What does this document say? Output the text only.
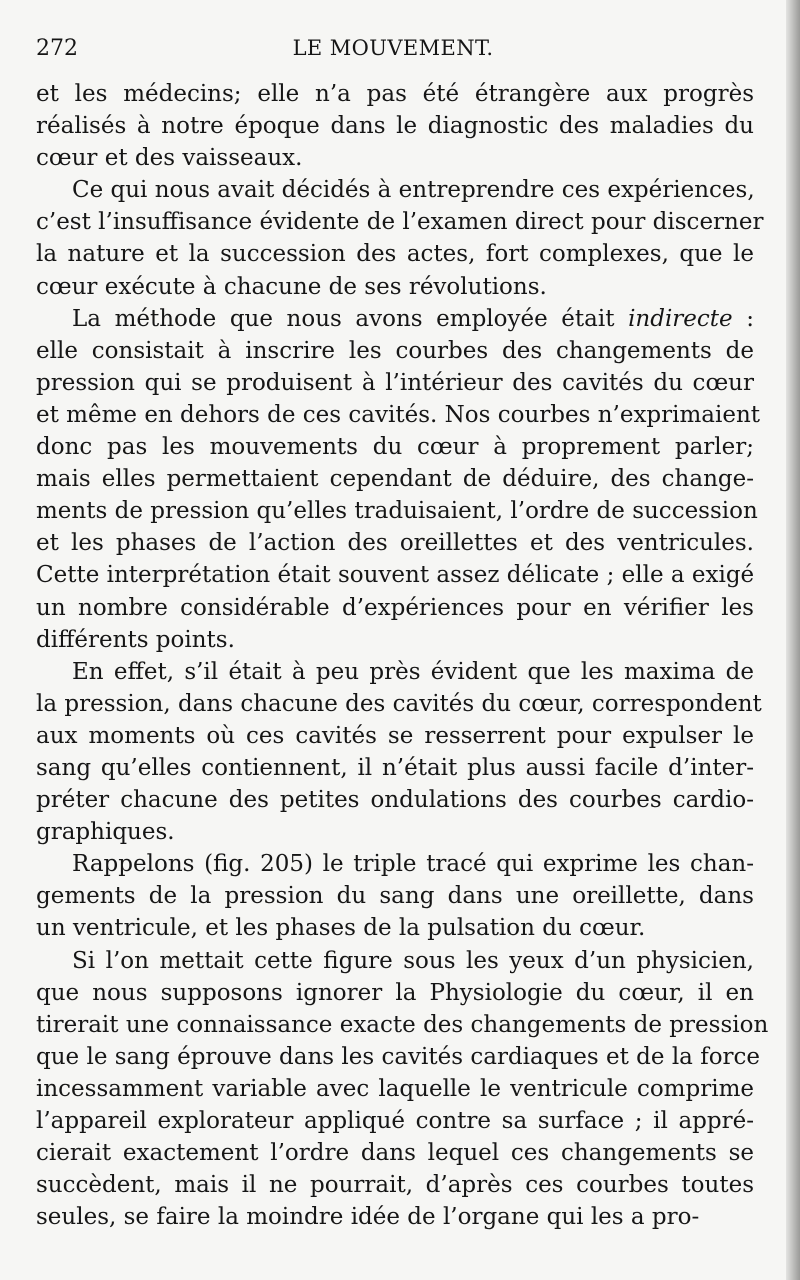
272	LE MOUVEMENT.
et les médecins; elle n’a pas été étrangère aux progrès
réalisés à notre époque dans le diagnostic des maladies du
cœur et des vaisseaux.
Ce qui nous avait décidés à entreprendre ces expériences,
c’est l’insuffisance évidente de l’examen direct pour discerner
la nature et la succession des actes, fort complexes, que le
cœur exécute à chacune de ses révolutions.
La méthode que nous avons employée était indirecte :
elle consistait à inscrire les courbes des changements de
pression qui se produisent à l’intérieur des cavités du cœur
et même en dehors de ces cavités. Nos courbes n’exprimaient
donc pas les mouvements du cœur à proprement parler;
mais elles permettaient cependant de déduire, des change-
ments de pression qu’elles traduisaient, l’ordre de succession
et les phases de l’action des oreillettes et des ventricules.
Cette interprétation était souvent assez délicate ; elle a exigé
un nombre considérable d’expériences pour en vérifier les
différents points.
En effet, s’il était à peu près évident que les maxima de
la pression, dans chacune des cavités du cœur, correspondent
aux moments où ces cavités se resserrent pour expulser le
sang qu’elles contiennent, il n’était plus aussi facile d’inter-
préter chacune des petites ondulations des courbes cardio-
graphiques.
Rappelons (fig. 205) le triple tracé qui exprime les chan-
gements de la pression du sang dans une oreillette, dans
un ventricule, et les phases de la pulsation du cœur.
Si l’on mettait cette figure sous les yeux d’un physicien,
que nous supposons ignorer la Physiologie du cœur, il en
tirerait une connaissance exacte des changements de pression
que le sang éprouve dans les cavités cardiaques et de la force
incessamment variable avec laquelle le ventricule comprime
l’appareil explorateur appliqué contre sa surface ; il appré-
cierait exactement l’ordre dans lequel ces changements se
succèdent, mais il ne pourrait, d’après ces courbes toutes
seules, se faire la moindre idée de l’organe qui les a pro-
